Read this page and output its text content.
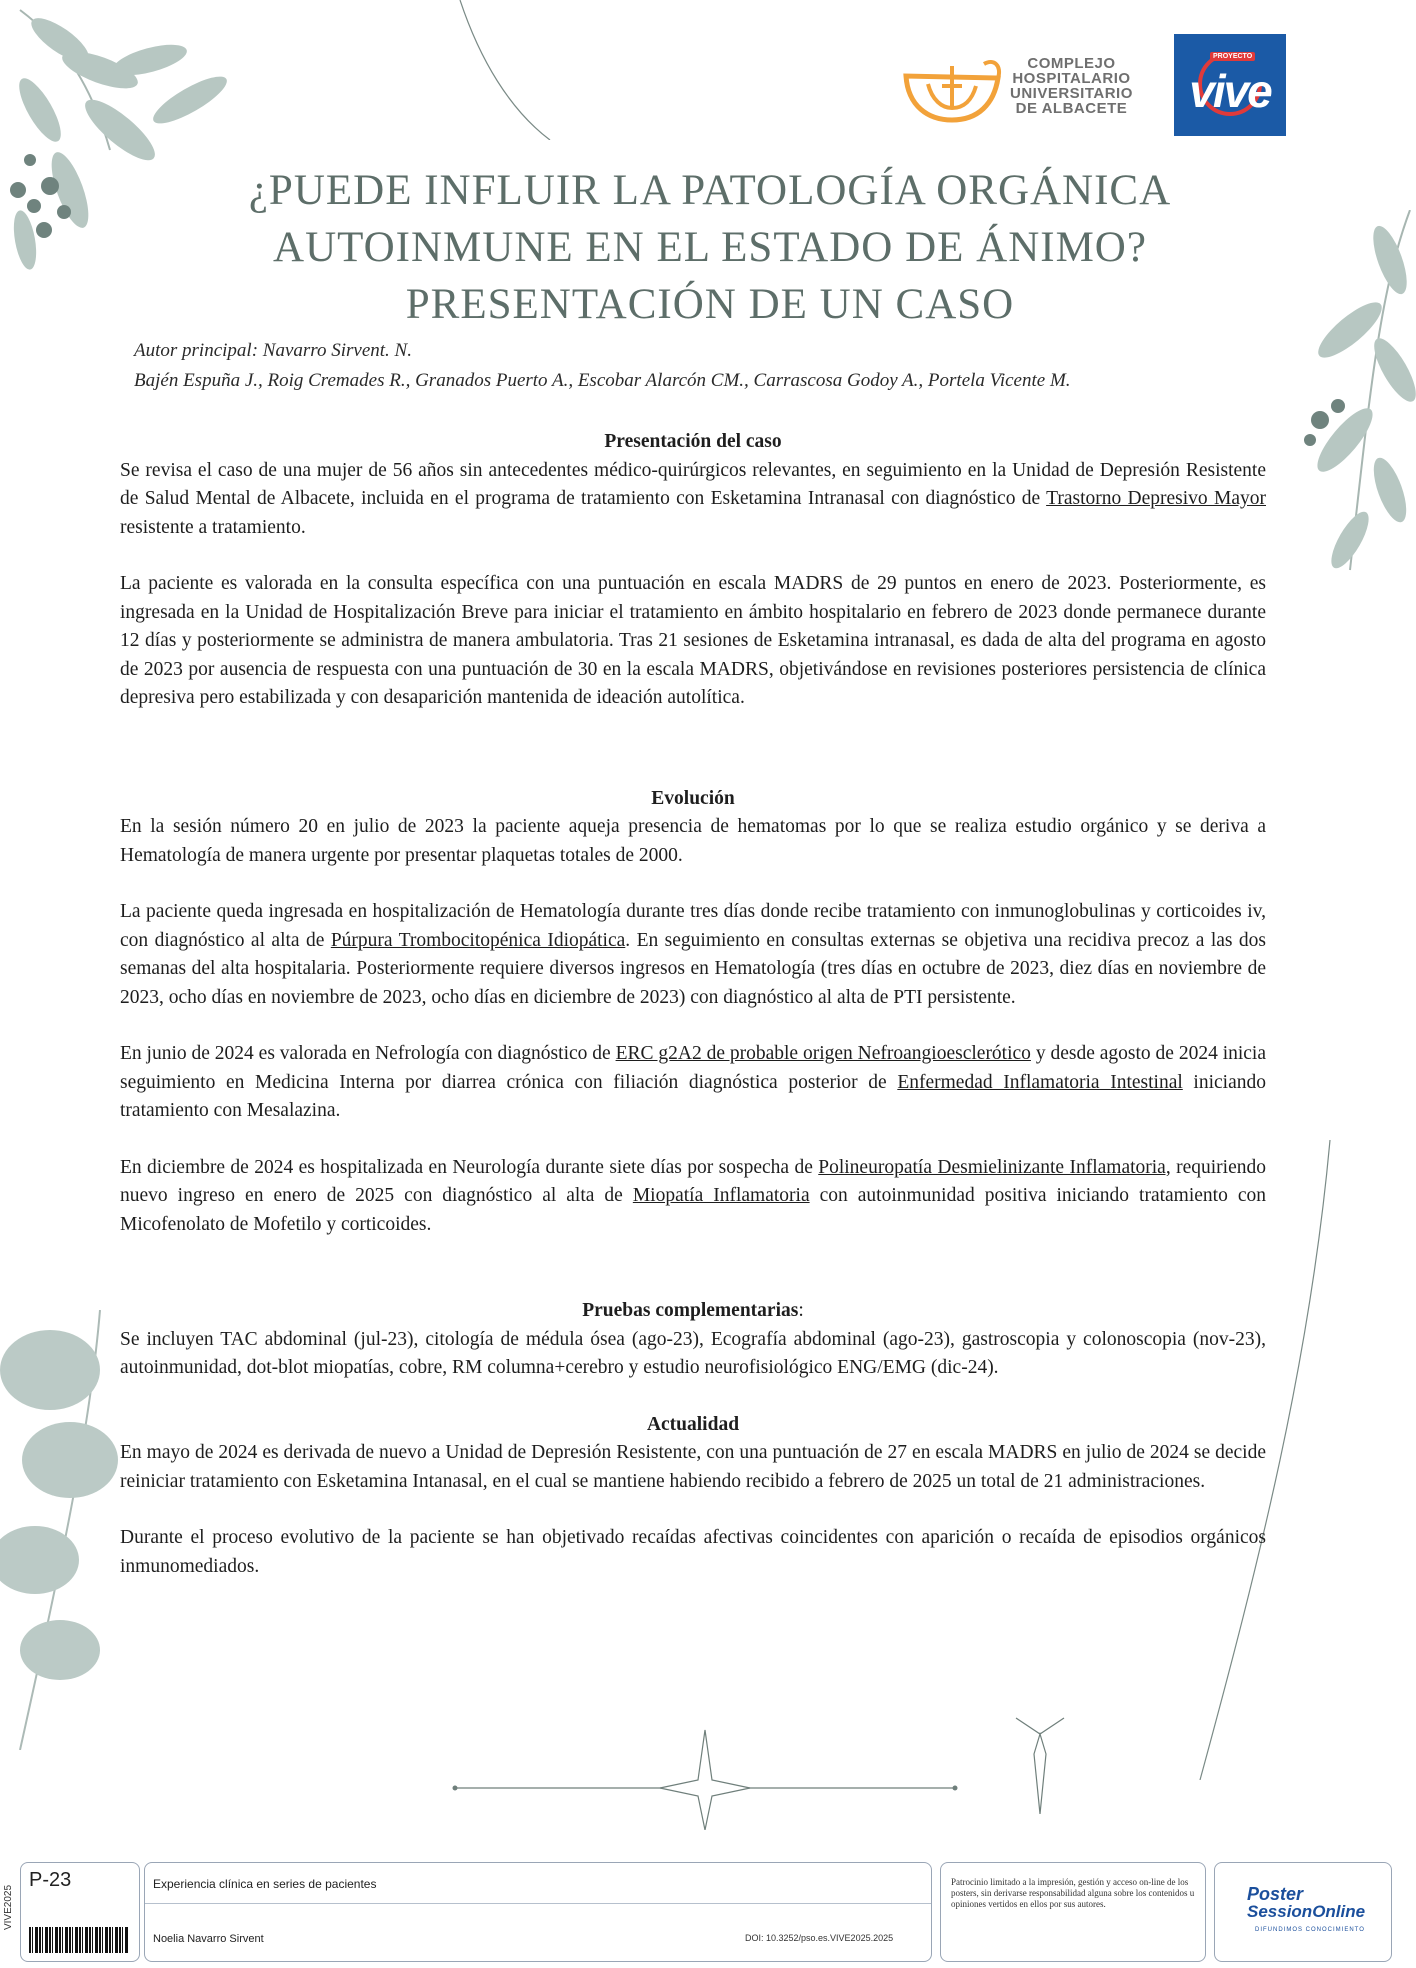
COMPLEJO
HOSPITALARIO
UNIVERSITARIO
DE ALBACETE
PROYECTO
vive
¿PUEDE INFLUIR LA PATOLOGÍA ORGÁNICA
AUTOINMUNE EN EL ESTADO DE ÁNIMO?
PRESENTACIÓN DE UN CASO
Autor principal: Navarro Sirvent. N.
Bajén Espuña J., Roig Cremades R., Granados Puerto A., Escobar Alarcón CM., Carrascosa Godoy A., Portela Vicente M.
Presentación del caso

Se revisa el caso de una mujer de 56 años sin antecedentes médico-quirúrgicos relevantes, en seguimiento en la Unidad de Depresión Resistente de Salud Mental de Albacete, incluida en el programa de tratamiento con Esketamina Intranasal con diagnóstico de Trastorno Depresivo Mayor resistente a tratamiento.

La paciente es valorada en la consulta específica con una puntuación en escala MADRS de 29 puntos en enero de 2023. Posteriormente, es ingresada en la Unidad de Hospitalización Breve para iniciar el tratamiento en ámbito hospitalario en febrero de 2023 donde permanece durante 12 días y posteriormente se administra de manera ambulatoria. Tras 21 sesiones de Esketamina intranasal, es dada de alta del programa en agosto de 2023 por ausencia de respuesta con una puntuación de 30 en la escala MADRS, objetivándose en revisiones posteriores persistencia de clínica depresiva pero estabilizada y con desaparición mantenida de ideación autolítica.

Evolución

En la sesión número 20 en julio de 2023 la paciente aqueja presencia de hematomas por lo que se realiza estudio orgánico y se deriva a Hematología de manera urgente por presentar plaquetas totales de 2000.

La paciente queda ingresada en hospitalización de Hematología durante tres días donde recibe tratamiento con inmunoglobulinas y corticoides iv, con diagnóstico al alta de Púrpura Trombocitopénica Idiopática. En seguimiento en consultas externas se objetiva una recidiva precoz a las dos semanas del alta hospitalaria. Posteriormente requiere diversos ingresos en Hematología (tres días en octubre de 2023, diez días en noviembre de 2023, ocho días en noviembre de 2023, ocho días en diciembre de 2023) con diagnóstico al alta de PTI persistente.

En junio de 2024 es valorada en Nefrología con diagnóstico de ERC g2A2 de probable origen Nefroangioesclerótico y desde agosto de 2024 inicia seguimiento en Medicina Interna por diarrea crónica con filiación diagnóstica posterior de Enfermedad Inflamatoria Intestinal iniciando tratamiento con Mesalazina.

En diciembre de 2024 es hospitalizada en Neurología durante siete días por sospecha de Polineuropatía Desmielinizante Inflamatoria, requiriendo nuevo ingreso en enero de 2025 con diagnóstico al alta de Miopatía Inflamatoria con autoinmunidad positiva iniciando tratamiento con Micofenolato de Mofetilo y corticoides.

Pruebas complementarias:

Se incluyen TAC abdominal (jul-23), citología de médula ósea (ago-23), Ecografía abdominal (ago-23), gastroscopia y colonoscopia (nov-23), autoinmunidad, dot-blot miopatías, cobre, RM columna+cerebro y estudio neurofisiológico ENG/EMG (dic-24).

Actualidad

En mayo de 2024 es derivada de nuevo a Unidad de Depresión Resistente, con una puntuación de 27 en escala MADRS en julio de 2024 se decide reiniciar tratamiento con Esketamina Intanasal, en el cual se mantiene habiendo recibido a febrero de 2025 un total de 21 administraciones.

Durante el proceso evolutivo de la paciente se han objetivado recaídas afectivas coincidentes con aparición o recaída de episodios orgánicos inmunomediados.

VIVE2025
P-23	Experiencia clínica en series de pacientes
Noelia Navarro Sirvent	DOI: 10.3252/pso.es.VIVE2025.2025
Patrocinio limitado a la impresión, gestión y acceso on-line de los posters, sin derivarse responsabilidad alguna sobre los contenidos u opiniones vertidos en ellos por sus autores.	Poster
SessionOnline
DIFUNDIMOS CONOCIMIENTO
